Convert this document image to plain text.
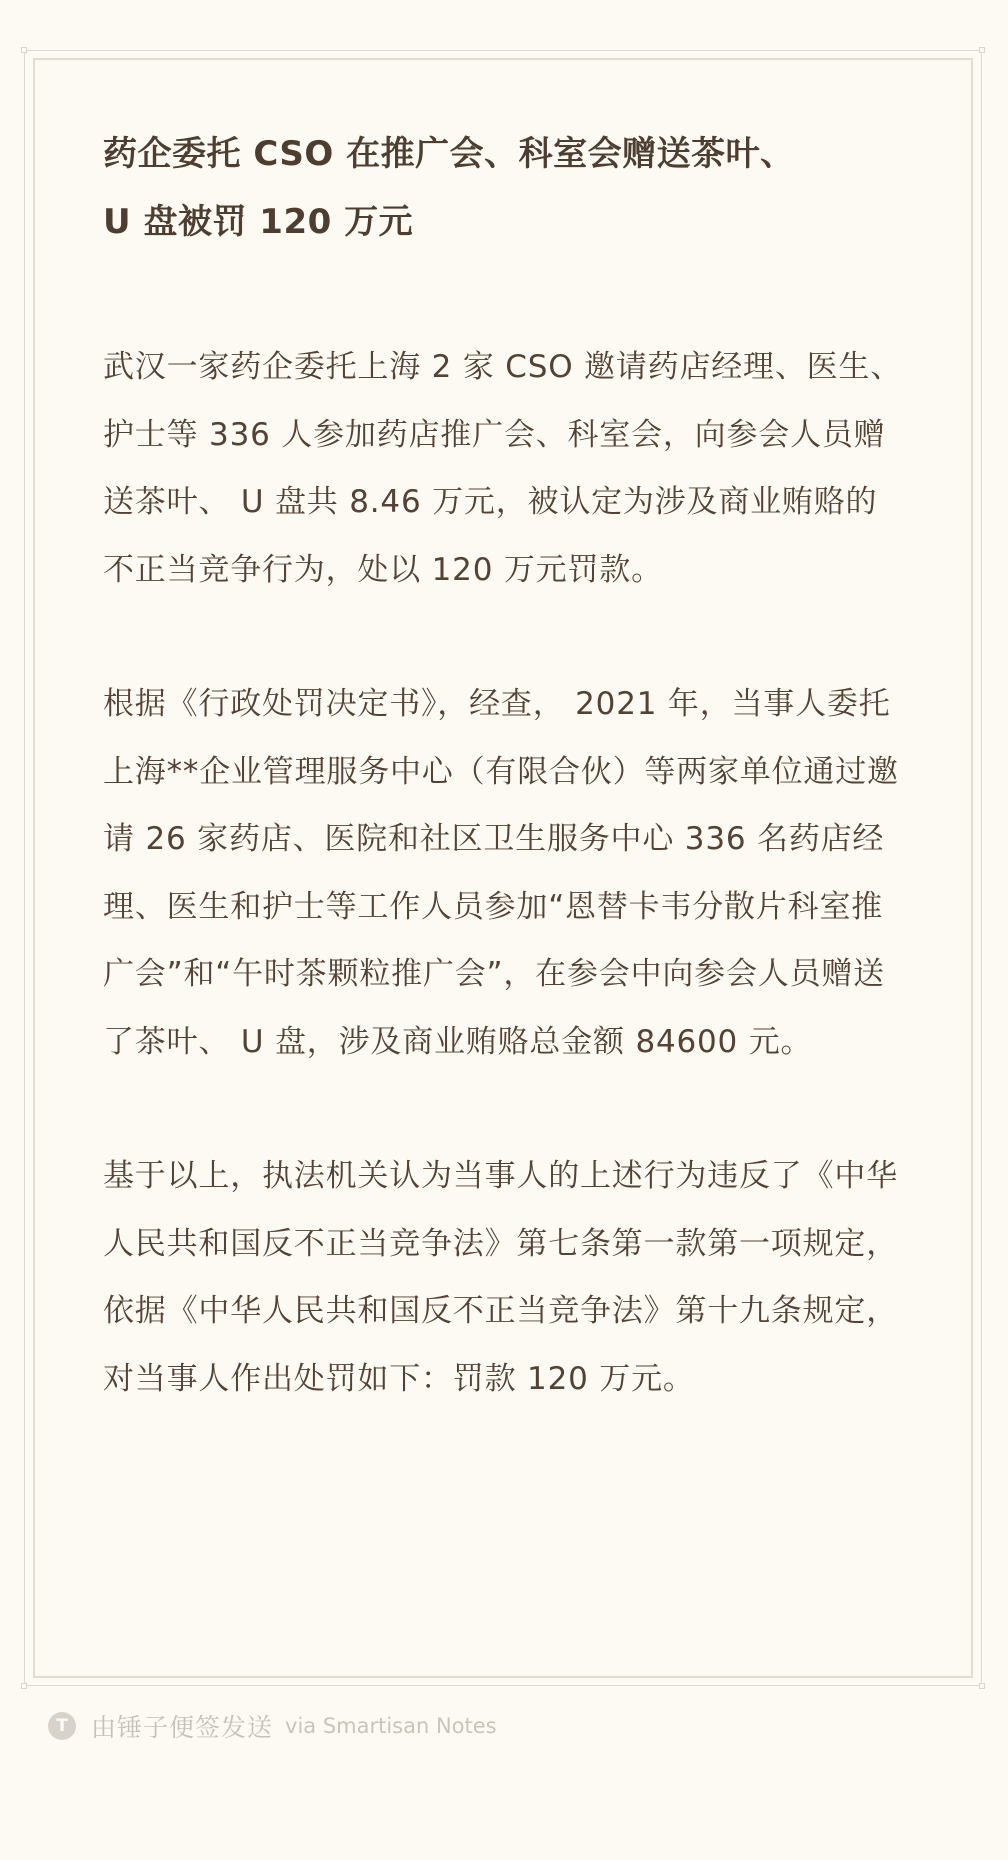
药企委托 CSO 在推广会、科室会赠送茶叶、
U 盘被罚 120 万元

武汉一家药企委托上海 2 家 CSO 邀请药店经理、医生、护士等 336 人参加药店推广会、科室会，向参会人员赠送茶叶、 U 盘共 8.46 万元，被认定为涉及商业贿赂的不正当竞争行为，处以 120 万元罚款。

根据《行政处罚决定书》，经查， 2021 年，当事人委托上海**企业管理服务中心（有限合伙）等两家单位通过邀请 26 家药店、医院和社区卫生服务中心 336 名药店经理、医生和护士等工作人员参加“恩替卡韦分散片科室推广会”和“午时茶颗粒推广会”，在参会中向参会人员赠送了茶叶、 U 盘，涉及商业贿赂总金额 84600 元。

基于以上，执法机关认为当事人的上述行为违反了《中华人民共和国反不正当竞争法》第七条第一款第一项规定，依据《中华人民共和国反不正当竞争法》第十九条规定，对当事人作出处罚如下：罚款 120 万元。

T 由锤子便签发送 via Smartisan Notes
